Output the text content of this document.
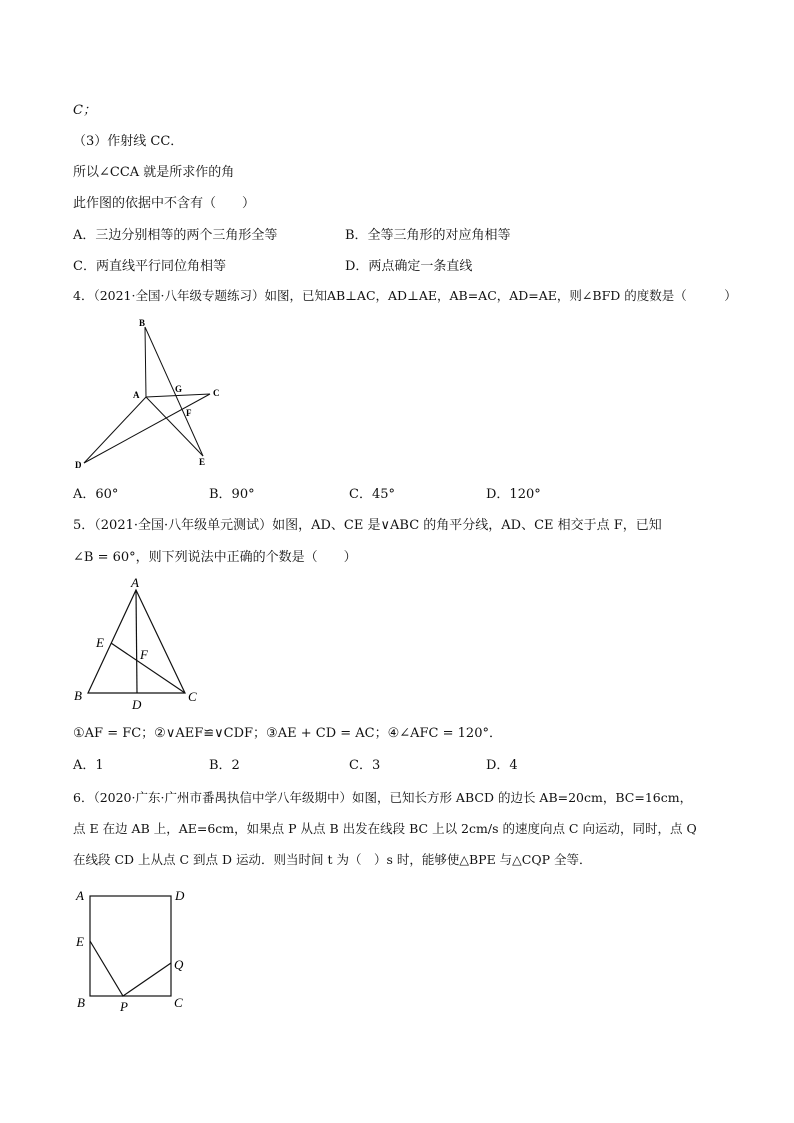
C；
（3）作射线 CC．
所以∠CCA 就是所求作的角
此作图的依据中不含有（　　）
A．三边分别相等的两个三角形全等	B．全等三角形的对应角相等
C．两直线平行同位角相等	D．两点确定一条直线
4．（2021·全国·八年级专题练习）如图，已知AB⊥AC，AD⊥AE，AB=AC，AD=AE，则∠BFD 的度数是（　　　）
B
A
G	C
F
D	E
A．60°	B．90°	C．45°	D．120°
5．（2021·全国·八年级单元测试）如图，AD、CE 是∨ABC 的角平分线，AD、CE 相交于点 F，已知
∠B = 60°，则下列说法中正确的个数是（　　）
A
E
F
B
D
C
①AF = FC；②∨AEF≌∨CDF；③AE + CD = AC；④∠AFC = 120°．
A．1	B．2	C．3	D．4
6．（2020·广东·广州市番禺执信中学八年级期中）如图，已知长方形 ABCD 的边长 AB=20cm，BC=16cm，
点 E 在边 AB 上，AE=6cm，如果点 P 从点 B 出发在线段 BC 上以 2cm/s 的速度向点 C 向运动，同时，点 Q
在线段 CD 上从点 C 到点 D 运动．则当时间 t 为（　）s 时，能够使△BPE 与△CQP 全等．
A	D
E
Q
B	P	C
